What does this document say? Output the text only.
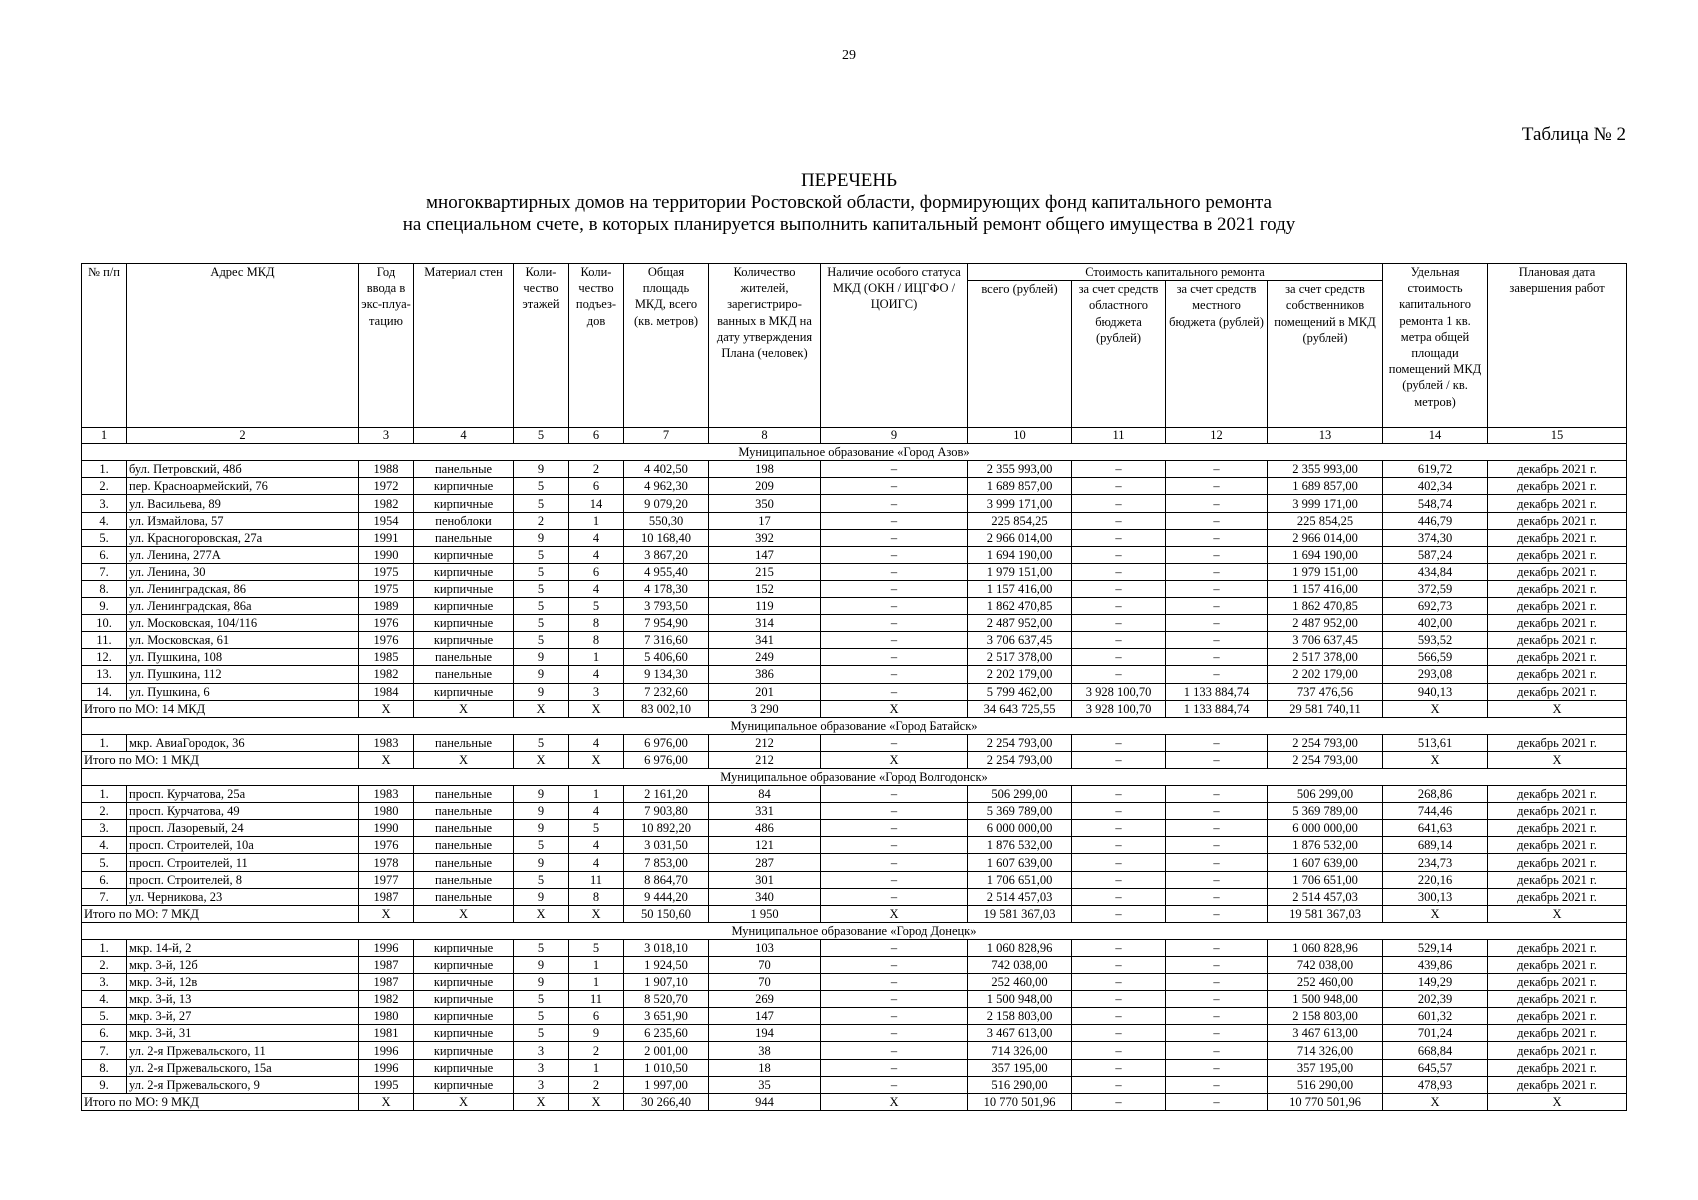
29
Таблица № 2
ПЕРЕЧЕНЬ
многоквартирных домов на территории Ростовской области, формирующих фонд капитального ремонта
на специальном счете, в которых планируется выполнить капитальный ремонт общего имущества в 2021 году
№ п/п	Адрес МКД	Год ввода в экс-плуа-тацию	Материал стен	Коли-чество этажей	Коли-чество подъез-дов	Общая площадь МКД, всего (кв. метров)	Количество жителей, зарегистриро-ванных в МКД на дату утверждения Плана (человек)	Наличие особого статуса МКД (ОКН / ИЦГФО / ЦОИГС)	Стоимость капитального ремонта				Удельная стоимость капитального ремонта 1 кв. метра общей площади помещений МКД (рублей / кв. метров)	Плановая дата завершения работ
									всего (рублей)	за счет средств областного бюджета (рублей)	за счет средств местного бюджета (рублей)	за счет средств собственников помещений в МКД (рублей)		
1	2	3	4	5	6	7	8	9	10	11	12	13	14	15
Муниципальное образование «Город Азов»														
1.	бул. Петровский, 48б	1988	панельные	9	2	4 402,50	198	–	2 355 993,00	–	–	2 355 993,00	619,72	декабрь 2021 г.
2.	пер. Красноармейский, 76	1972	кирпичные	5	6	4 962,30	209	–	1 689 857,00	–	–	1 689 857,00	402,34	декабрь 2021 г.
3.	ул. Васильева, 89	1982	кирпичные	5	14	9 079,20	350	–	3 999 171,00	–	–	3 999 171,00	548,74	декабрь 2021 г.
4.	ул. Измайлова, 57	1954	пеноблоки	2	1	550,30	17	–	225 854,25	–	–	225 854,25	446,79	декабрь 2021 г.
5.	ул. Красногоровская, 27а	1991	панельные	9	4	10 168,40	392	–	2 966 014,00	–	–	2 966 014,00	374,30	декабрь 2021 г.
6.	ул. Ленина, 277А	1990	кирпичные	5	4	3 867,20	147	–	1 694 190,00	–	–	1 694 190,00	587,24	декабрь 2021 г.
7.	ул. Ленина, 30	1975	кирпичные	5	6	4 955,40	215	–	1 979 151,00	–	–	1 979 151,00	434,84	декабрь 2021 г.
8.	ул. Ленинградская, 86	1975	кирпичные	5	4	4 178,30	152	–	1 157 416,00	–	–	1 157 416,00	372,59	декабрь 2021 г.
9.	ул. Ленинградская, 86а	1989	кирпичные	5	5	3 793,50	119	–	1 862 470,85	–	–	1 862 470,85	692,73	декабрь 2021 г.
10.	ул. Московская, 104/116	1976	кирпичные	5	8	7 954,90	314	–	2 487 952,00	–	–	2 487 952,00	402,00	декабрь 2021 г.
11.	ул. Московская, 61	1976	кирпичные	5	8	7 316,60	341	–	3 706 637,45	–	–	3 706 637,45	593,52	декабрь 2021 г.
12.	ул. Пушкина, 108	1985	панельные	9	1	5 406,60	249	–	2 517 378,00	–	–	2 517 378,00	566,59	декабрь 2021 г.
13.	ул. Пушкина, 112	1982	панельные	9	4	9 134,30	386	–	2 202 179,00	–	–	2 202 179,00	293,08	декабрь 2021 г.
14.	ул. Пушкина, 6	1984	кирпичные	9	3	7 232,60	201	–	5 799 462,00	3 928 100,70	1 133 884,74	737 476,56	940,13	декабрь 2021 г.
Итого по МО: 14 МКД		Х	Х	Х	Х	83 002,10	3 290	Х	34 643 725,55	3 928 100,70	1 133 884,74	29 581 740,11	Х	Х
Муниципальное образование «Город Батайск»														
1.	мкр. АвиаГородок, 36	1983	панельные	5	4	6 976,00	212	–	2 254 793,00	–	–	2 254 793,00	513,61	декабрь 2021 г.
Итого по МО: 1 МКД		Х	Х	Х	Х	6 976,00	212	Х	2 254 793,00	–	–	2 254 793,00	Х	Х
Муниципальное образование «Город Волгодонск»														
1.	просп. Курчатова, 25а	1983	панельные	9	1	2 161,20	84	–	506 299,00	–	–	506 299,00	268,86	декабрь 2021 г.
2.	просп. Курчатова, 49	1980	панельные	9	4	7 903,80	331	–	5 369 789,00	–	–	5 369 789,00	744,46	декабрь 2021 г.
3.	просп. Лазоревый, 24	1990	панельные	9	5	10 892,20	486	–	6 000 000,00	–	–	6 000 000,00	641,63	декабрь 2021 г.
4.	просп. Строителей, 10а	1976	панельные	5	4	3 031,50	121	–	1 876 532,00	–	–	1 876 532,00	689,14	декабрь 2021 г.
5.	просп. Строителей, 11	1978	панельные	9	4	7 853,00	287	–	1 607 639,00	–	–	1 607 639,00	234,73	декабрь 2021 г.
6.	просп. Строителей, 8	1977	панельные	5	11	8 864,70	301	–	1 706 651,00	–	–	1 706 651,00	220,16	декабрь 2021 г.
7.	ул. Черникова, 23	1987	панельные	9	8	9 444,20	340	–	2 514 457,03	–	–	2 514 457,03	300,13	декабрь 2021 г.
Итого по МО: 7 МКД		Х	Х	Х	Х	50 150,60	1 950	Х	19 581 367,03	–	–	19 581 367,03	Х	Х
Муниципальное образование «Город Донецк»														
1.	мкр. 14-й, 2	1996	кирпичные	5	5	3 018,10	103	–	1 060 828,96	–	–	1 060 828,96	529,14	декабрь 2021 г.
2.	мкр. 3-й, 12б	1987	кирпичные	9	1	1 924,50	70	–	742 038,00	–	–	742 038,00	439,86	декабрь 2021 г.
3.	мкр. 3-й, 12в	1987	кирпичные	9	1	1 907,10	70	–	252 460,00	–	–	252 460,00	149,29	декабрь 2021 г.
4.	мкр. 3-й, 13	1982	кирпичные	5	11	8 520,70	269	–	1 500 948,00	–	–	1 500 948,00	202,39	декабрь 2021 г.
5.	мкр. 3-й, 27	1980	кирпичные	5	6	3 651,90	147	–	2 158 803,00	–	–	2 158 803,00	601,32	декабрь 2021 г.
6.	мкр. 3-й, 31	1981	кирпичные	5	9	6 235,60	194	–	3 467 613,00	–	–	3 467 613,00	701,24	декабрь 2021 г.
7.	ул. 2-я Пржевальского, 11	1996	кирпичные	3	2	2 001,00	38	–	714 326,00	–	–	714 326,00	668,84	декабрь 2021 г.
8.	ул. 2-я Пржевальского, 15а	1996	кирпичные	3	1	1 010,50	18	–	357 195,00	–	–	357 195,00	645,57	декабрь 2021 г.
9.	ул. 2-я Пржевальского, 9	1995	кирпичные	3	2	1 997,00	35	–	516 290,00	–	–	516 290,00	478,93	декабрь 2021 г.
Итого по МО: 9 МКД		Х	Х	Х	Х	30 266,40	944	Х	10 770 501,96	–	–	10 770 501,96	Х	Х
